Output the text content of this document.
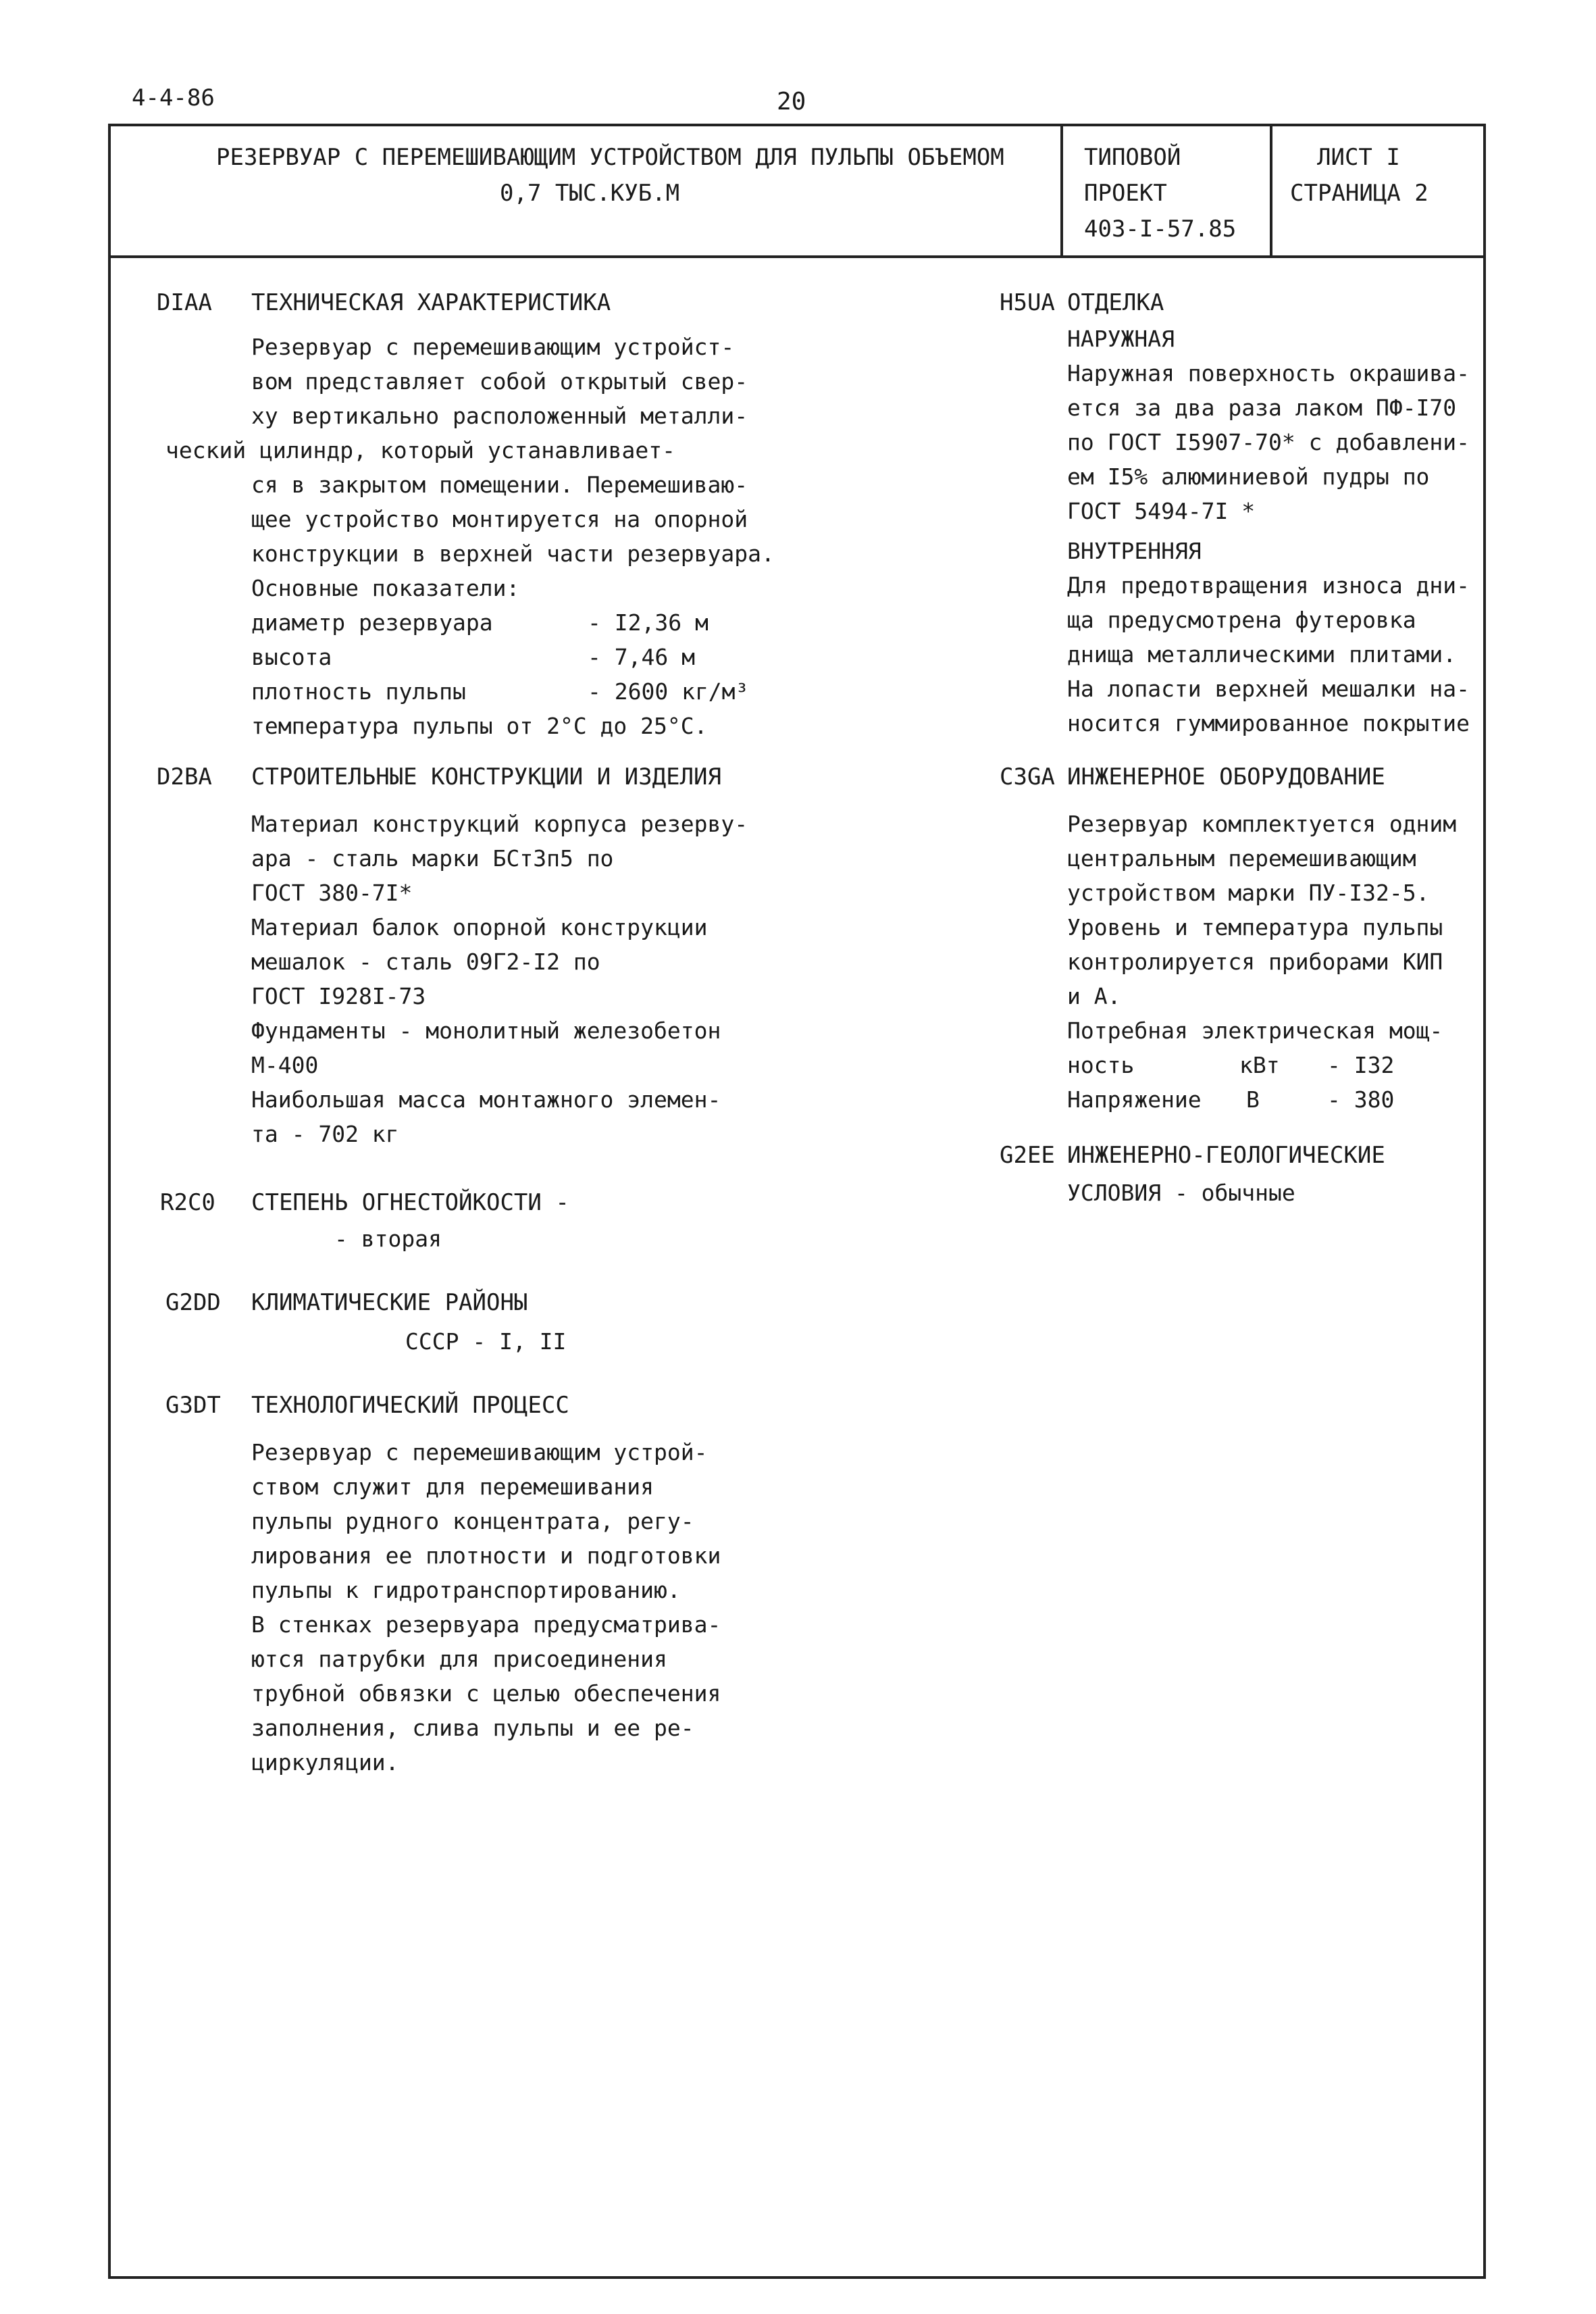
4-4-86	20
РЕЗЕРВУАР С ПЕРЕМЕШИВАЮЩИМ УСТРОЙСТВОМ ДЛЯ ПУЛЬПЫ ОБЪЕМОМ
0,7 ТЫС.КУБ.М
ТИПОВОЙ
ПРОЕКТ
403-I-57.85
ЛИСТ I
СТРАНИЦА 2
DIAA ТЕХНИЧЕСКАЯ ХАРАКТЕРИСТИКА
Резервуар с перемешивающим устройст-
вом представляет собой открытый свер-
ху вертикально расположенный металли-
ческий цилиндр, который устанавливает-
ся в закрытом помещении. Перемешиваю-
щее устройство монтируется на опорной
конструкции в верхней части резервуара.
Основные показатели:
диаметр резервуара	- I2,36 м
высота	- 7,46 м
плотность пульпы	- 2600 кг/м³
температура пульпы от 2°С до 25°С.
D2BA СТРОИТЕЛЬНЫЕ КОНСТРУКЦИИ И ИЗДЕЛИЯ
Материал конструкций корпуса резерву-
ара - сталь марки БСт3п5 по
ГОСТ 380-7I*
Материал балок опорной конструкции
мешалок - сталь 09Г2-I2 по
ГОСТ I928I-73
Фундаменты - монолитный железобетон
М-400
Наибольшая масса монтажного элемен-
та - 702 кг
R2C0 СТЕПЕНЬ ОГНЕСТОЙКОСТИ -
- вторая
G2DD КЛИМАТИЧЕСКИЕ РАЙОНЫ
СССР - I, II
G3DT ТЕХНОЛОГИЧЕСКИЙ ПРОЦЕСС
Резервуар с перемешивающим устрой-
ством служит для перемешивания
пульпы рудного концентрата, регу-
лирования ее плотности и подготовки
пульпы к гидротранспортированию.
В стенках резервуара предусматрива-
ются патрубки для присоединения
трубной обвязки с целью обеспечения
заполнения, слива пульпы и ее ре-
циркуляции.
H5UA ОТДЕЛКА
НАРУЖНАЯ
Наружная поверхность окрашива-
ется за два раза лаком ПФ-I70
по ГОСТ I5907-70* с добавлени-
ем I5% алюминиевой пудры по
ГОСТ 5494-7I *
ВНУТРЕННЯЯ
Для предотвращения износа дни-
ща предусмотрена футеровка
днища металлическими плитами.
На лопасти верхней мешалки на-
носится гуммированное покрытие
C3GA ИНЖЕНЕРНОЕ ОБОРУДОВАНИЕ
Резервуар комплектуется одним
центральным перемешивающим
устройством марки ПУ-I32-5.
Уровень и температура пульпы
контролируется приборами КИП
и А.
Потребная электрическая мощ-
ность	кВт - I32
Напряжение В	- 380
G2EE ИНЖЕНЕРНО-ГЕОЛОГИЧЕСКИЕ
УСЛОВИЯ - обычные
